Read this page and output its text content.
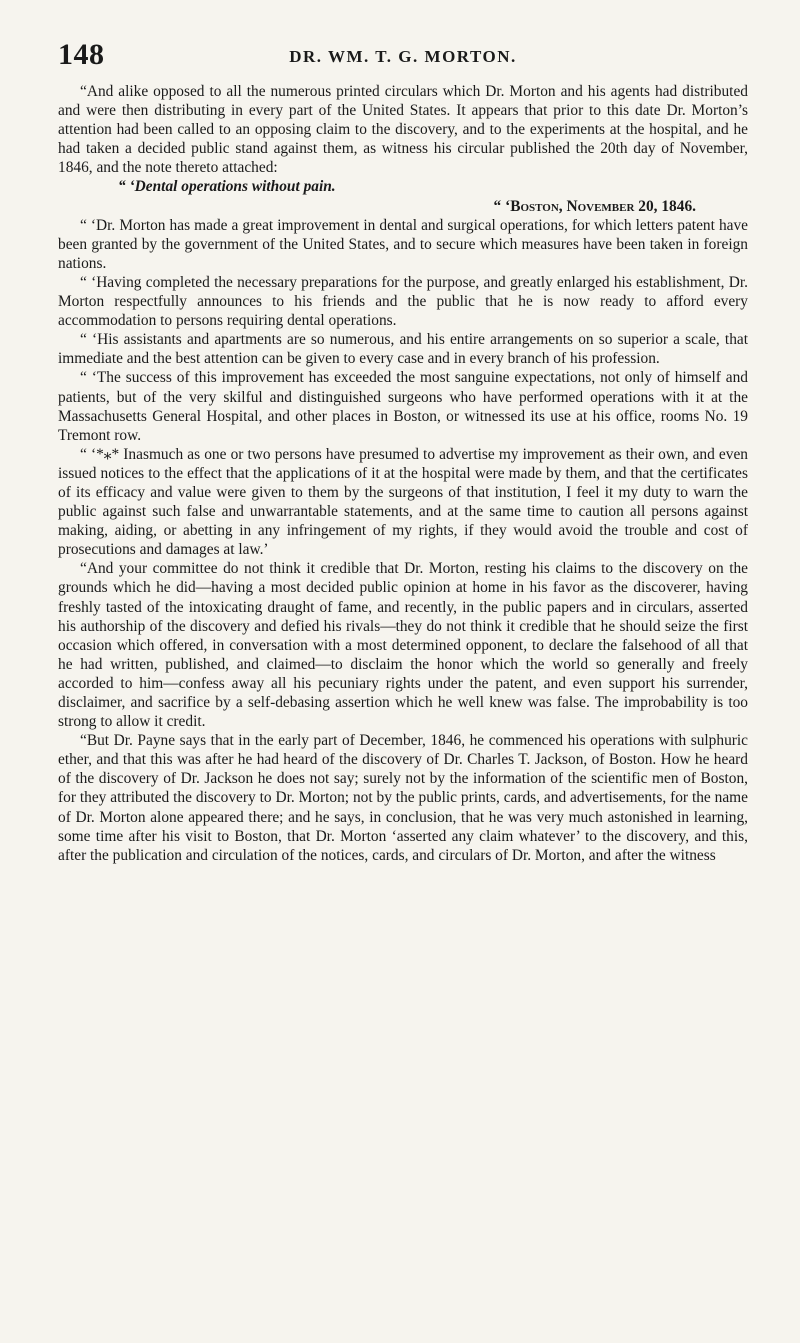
148	DR. WM. T. G. MORTON.

“And alike opposed to all the numerous printed circulars which Dr. Morton and his agents had distributed and were then distributing in every part of the United States. It appears that prior to this date Dr. Morton’s attention had been called to an opposing claim to the discovery, and to the experiments at the hospital, and he had taken a decided public stand against them, as witness his circular published the 20th day of November, 1846, and the note thereto attached:

“ ‘Dental operations without pain.

“ ‘Boston, November 20, 1846.

“ ‘Dr. Morton has made a great improvement in dental and surgical operations, for which letters patent have been granted by the government of the United States, and to secure which measures have been taken in foreign nations.

“ ‘Having completed the necessary preparations for the purpose, and greatly enlarged his establishment, Dr. Morton respectfully announces to his friends and the public that he is now ready to afford every accommodation to persons requiring dental operations.

“ ‘His assistants and apartments are so numerous, and his entire arrangements on so superior a scale, that immediate and the best attention can be given to every case and in every branch of his profession.

“ ‘The success of this improvement has exceeded the most sanguine expectations, not only of himself and patients, but of the very skilful and distinguished surgeons who have performed operations with it at the Massachusetts General Hospital, and other places in Boston, or witnessed its use at his office, rooms No. 19 Tremont row.

“ ‘*⁎* Inasmuch as one or two persons have presumed to advertise my improvement as their own, and even issued notices to the effect that the applications of it at the hospital were made by them, and that the certificates of its efficacy and value were given to them by the surgeons of that institution, I feel it my duty to warn the public against such false and unwarrantable statements, and at the same time to caution all persons against making, aiding, or abetting in any infringement of my rights, if they would avoid the trouble and cost of prosecutions and damages at law.’

“And your committee do not think it credible that Dr. Morton, resting his claims to the discovery on the grounds which he did—having a most decided public opinion at home in his favor as the discoverer, having freshly tasted of the intoxicating draught of fame, and recently, in the public papers and in circulars, asserted his authorship of the discovery and defied his rivals—they do not think it credible that he should seize the first occasion which offered, in conversation with a most determined opponent, to declare the falsehood of all that he had written, published, and claimed—to disclaim the honor which the world so generally and freely accorded to him—confess away all his pecuniary rights under the patent, and even support his surrender, disclaimer, and sacrifice by a self-debasing assertion which he well knew was false. The improbability is too strong to allow it credit.

“But Dr. Payne says that in the early part of December, 1846, he commenced his operations with sulphuric ether, and that this was after he had heard of the discovery of Dr. Charles T. Jackson, of Boston. How he heard of the discovery of Dr. Jackson he does not say; surely not by the information of the scientific men of Boston, for they attributed the discovery to Dr. Morton; not by the public prints, cards, and advertisements, for the name of Dr. Morton alone appeared there; and he says, in conclusion, that he was very much astonished in learning, some time after his visit to Boston, that Dr. Morton ‘asserted any claim whatever’ to the discovery, and this, after the publication and circulation of the notices, cards, and circulars of Dr. Morton, and after the witness
